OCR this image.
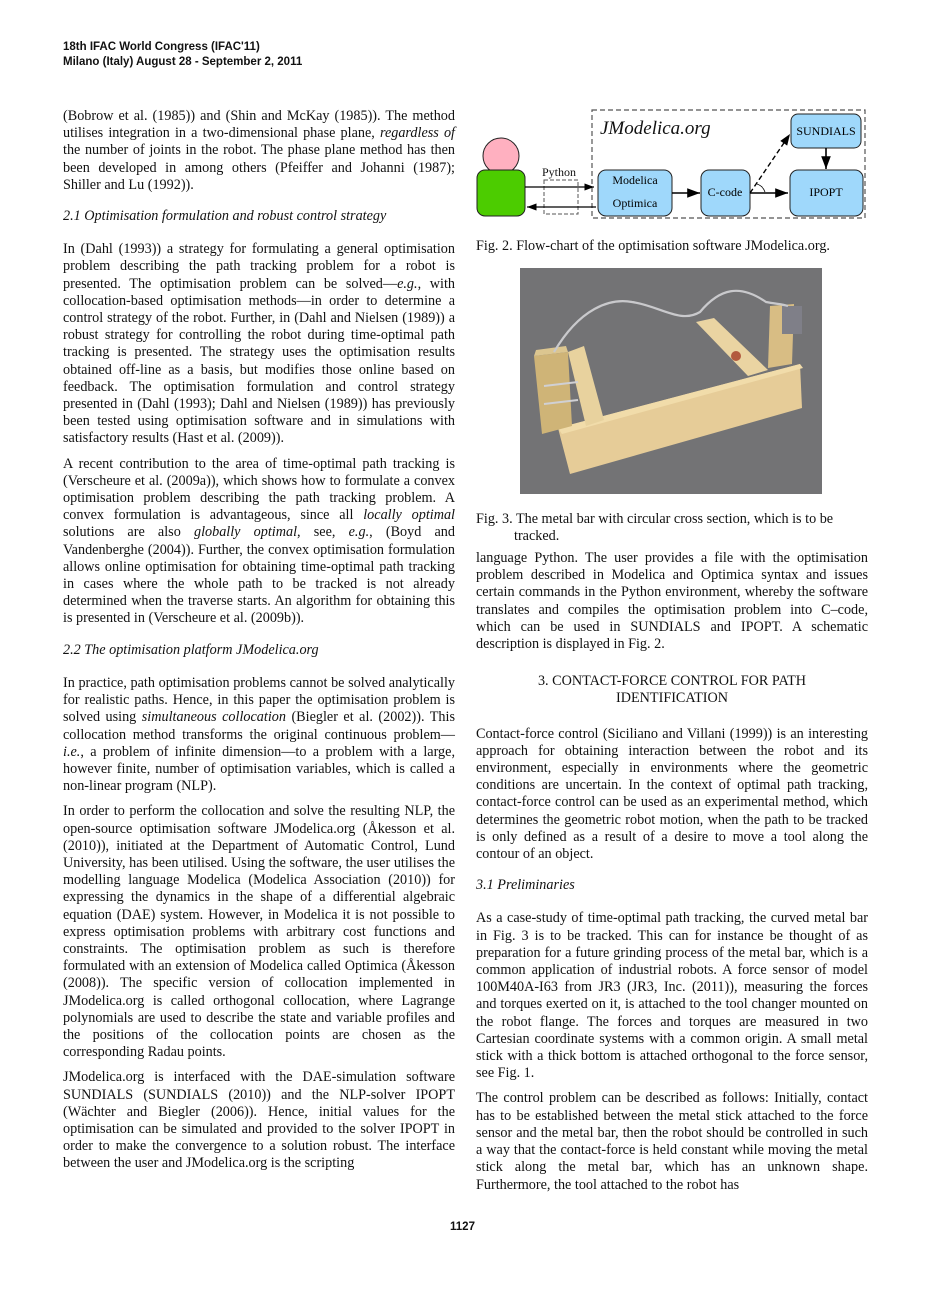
18th IFAC World Congress (IFAC'11)
Milano (Italy) August 28 - September 2, 2011

(Bobrow et al. (1985)) and (Shin and McKay (1985)). The method utilises integration in a two-dimensional phase plane, regardless of the number of joints in the robot. The phase plane method has then been developed in among others (Pfeiffer and Johanni (1987); Shiller and Lu (1992)).

2.1 Optimisation formulation and robust control strategy

In (Dahl (1993)) a strategy for formulating a general optimisation problem describing the path tracking problem for a robot is presented. The optimisation problem can be solved—e.g., with collocation-based optimisation methods—in order to determine a control strategy of the robot. Further, in (Dahl and Nielsen (1989)) a robust strategy for controlling the robot during time-optimal path tracking is presented. The strategy uses the optimisation results obtained off-line as a basis, but modifies those online based on feedback. The optimisation formulation and control strategy presented in (Dahl (1993); Dahl and Nielsen (1989)) has previously been tested using optimisation software and in simulations with satisfactory results (Hast et al. (2009)).

A recent contribution to the area of time-optimal path tracking is (Verscheure et al. (2009a)), which shows how to formulate a convex optimisation problem describing the path tracking problem. A convex formulation is advantageous, since all locally optimal solutions are also globally optimal, see, e.g., (Boyd and Vandenberghe (2004)). Further, the convex optimisation formulation allows online optimisation for obtaining time-optimal path tracking in cases where the whole path to be tracked is not already determined when the traverse starts. An algorithm for obtaining this is presented in (Verscheure et al. (2009b)).

2.2 The optimisation platform JModelica.org

In practice, path optimisation problems cannot be solved analytically for realistic paths. Hence, in this paper the optimisation problem is solved using simultaneous collocation (Biegler et al. (2002)). This collocation method transforms the original continuous problem—i.e., a problem of infinite dimension—to a problem with a large, however finite, number of optimisation variables, which is called a non-linear program (NLP).

In order to perform the collocation and solve the resulting NLP, the open-source optimisation software JModelica.org (Åkesson et al. (2010)), initiated at the Department of Automatic Control, Lund University, has been utilised. Using the software, the user utilises the modelling language Modelica (Modelica Association (2010)) for expressing the dynamics in the shape of a differential algebraic equation (DAE) system. However, in Modelica it is not possible to express optimisation problems with arbitrary cost functions and constraints. The optimisation problem as such is therefore formulated with an extension of Modelica called Optimica (Åkesson (2008)). The specific version of collocation implemented in JModelica.org is called orthogonal collocation, where Lagrange polynomials are used to describe the state and variable profiles and the positions of the collocation points are chosen as the corresponding Radau points.

JModelica.org is interfaced with the DAE-simulation software SUNDIALS (SUNDIALS (2010)) and the NLP-solver IPOPT (Wächter and Biegler (2006)). Hence, initial values for the optimisation can be simulated and provided to the solver IPOPT in order to make the convergence to a solution robust. The interface between the user and JModelica.org is the scripting

JModelica.org
Python
Modelica
Optimica
C-code
SUNDIALS
IPOPT
Fig. 2. Flow-chart of the optimisation software JModelica.org.
Fig. 3. The metal bar with circular cross section, which is to be tracked.

language Python. The user provides a file with the optimisation problem described in Modelica and Optimica syntax and issues certain commands in the Python environment, whereby the software translates and compiles the optimisation problem into C–code, which can be used in SUNDIALS and IPOPT. A schematic description is displayed in Fig. 2.

3. CONTACT-FORCE CONTROL FOR PATH
IDENTIFICATION

Contact-force control (Siciliano and Villani (1999)) is an interesting approach for obtaining interaction between the robot and its environment, especially in environments where the geometric conditions are uncertain. In the context of optimal path tracking, contact-force control can be used as an experimental method, which determines the geometric robot motion, when the path to be tracked is only defined as a result of a desire to move a tool along the contour of an object.

3.1 Preliminaries

As a case-study of time-optimal path tracking, the curved metal bar in Fig. 3 is to be tracked. This can for instance be thought of as preparation for a future grinding process of the metal bar, which is a common application of industrial robots. A force sensor of model 100M40A-I63 from JR3 (JR3, Inc. (2011)), measuring the forces and torques exerted on it, is attached to the tool changer mounted on the robot flange. The forces and torques are measured in two Cartesian coordinate systems with a common origin. A small metal stick with a thick bottom is attached orthogonal to the force sensor, see Fig. 1.

The control problem can be described as follows: Initially, contact has to be established between the metal stick attached to the force sensor and the metal bar, then the robot should be controlled in such a way that the contact-force is held constant while moving the metal stick along the metal bar, which has an unknown shape. Furthermore, the tool attached to the robot has

1127
